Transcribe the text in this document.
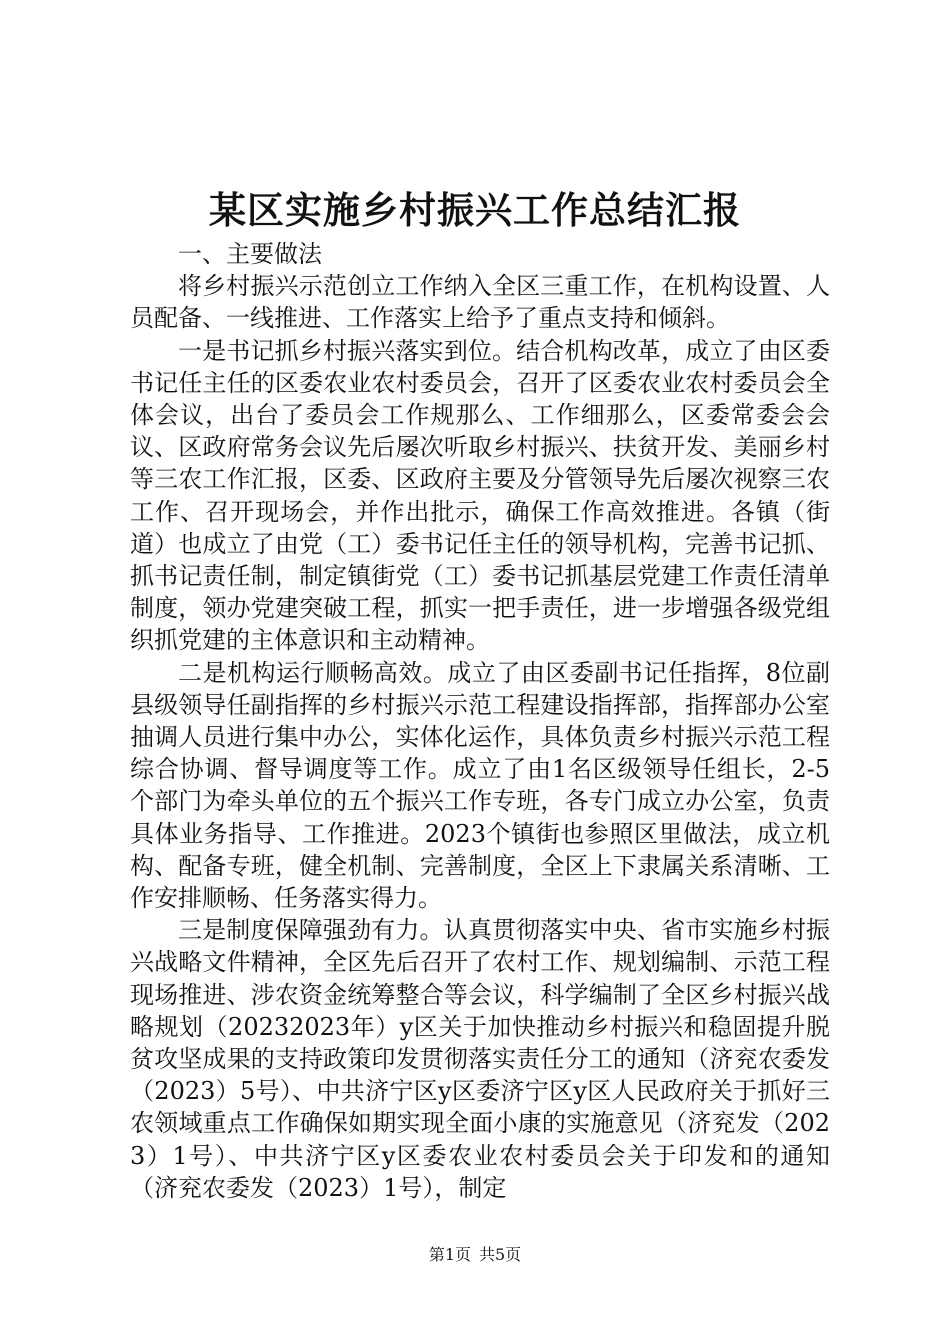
某区实施乡村振兴工作总结汇报

一、主要做法

将乡村振兴示范创立工作纳入全区三重工作，在机构设置、人员配备、一线推进、工作落实上给予了重点支持和倾斜。

一是书记抓乡村振兴落实到位。结合机构改革，成立了由区委书记任主任的区委农业农村委员会，召开了区委农业农村委员会全体会议，出台了委员会工作规那么、工作细那么，区委常委会会议、区政府常务会议先后屡次听取乡村振兴、扶贫开发、美丽乡村等三农工作汇报，区委、区政府主要及分管领导先后屡次视察三农工作、召开现场会，并作出批示，确保工作高效推进。各镇（街道）也成立了由党（工）委书记任主任的领导机构，完善书记抓、抓书记责任制，制定镇街党（工）委书记抓基层党建工作责任清单制度，领办党建突破工程，抓实一把手责任，进一步增强各级党组织抓党建的主体意识和主动精神。

二是机构运行顺畅高效。成立了由区委副书记任指挥，8位副县级领导任副指挥的乡村振兴示范工程建设指挥部，指挥部办公室抽调人员进行集中办公，实体化运作，具体负责乡村振兴示范工程综合协调、督导调度等工作。成立了由1名区级领导任组长，2-5个部门为牵头单位的五个振兴工作专班，各专门成立办公室，负责具体业务指导、工作推进。2023个镇街也参照区里做法，成立机构、配备专班，健全机制、完善制度，全区上下隶属关系清晰、工作安排顺畅、任务落实得力。

三是制度保障强劲有力。认真贯彻落实中央、省市实施乡村振兴战略文件精神，全区先后召开了农村工作、规划编制、示范工程现场推进、涉农资金统筹整合等会议，科学编制了全区乡村振兴战略规划（20232023年）y区关于加快推动乡村振兴和稳固提升脱贫攻坚成果的支持政策印发贯彻落实责任分工的通知（济兖农委发（2023）5号）、中共济宁区y区委济宁区y区人民政府关于抓好三农领域重点工作确保如期实现全面小康的实施意见（济兖发（2023）1号）、中共济宁区y区委农业农村委员会关于印发和的通知（济兖农委发（2023）1号），制定

第1页 共5页
